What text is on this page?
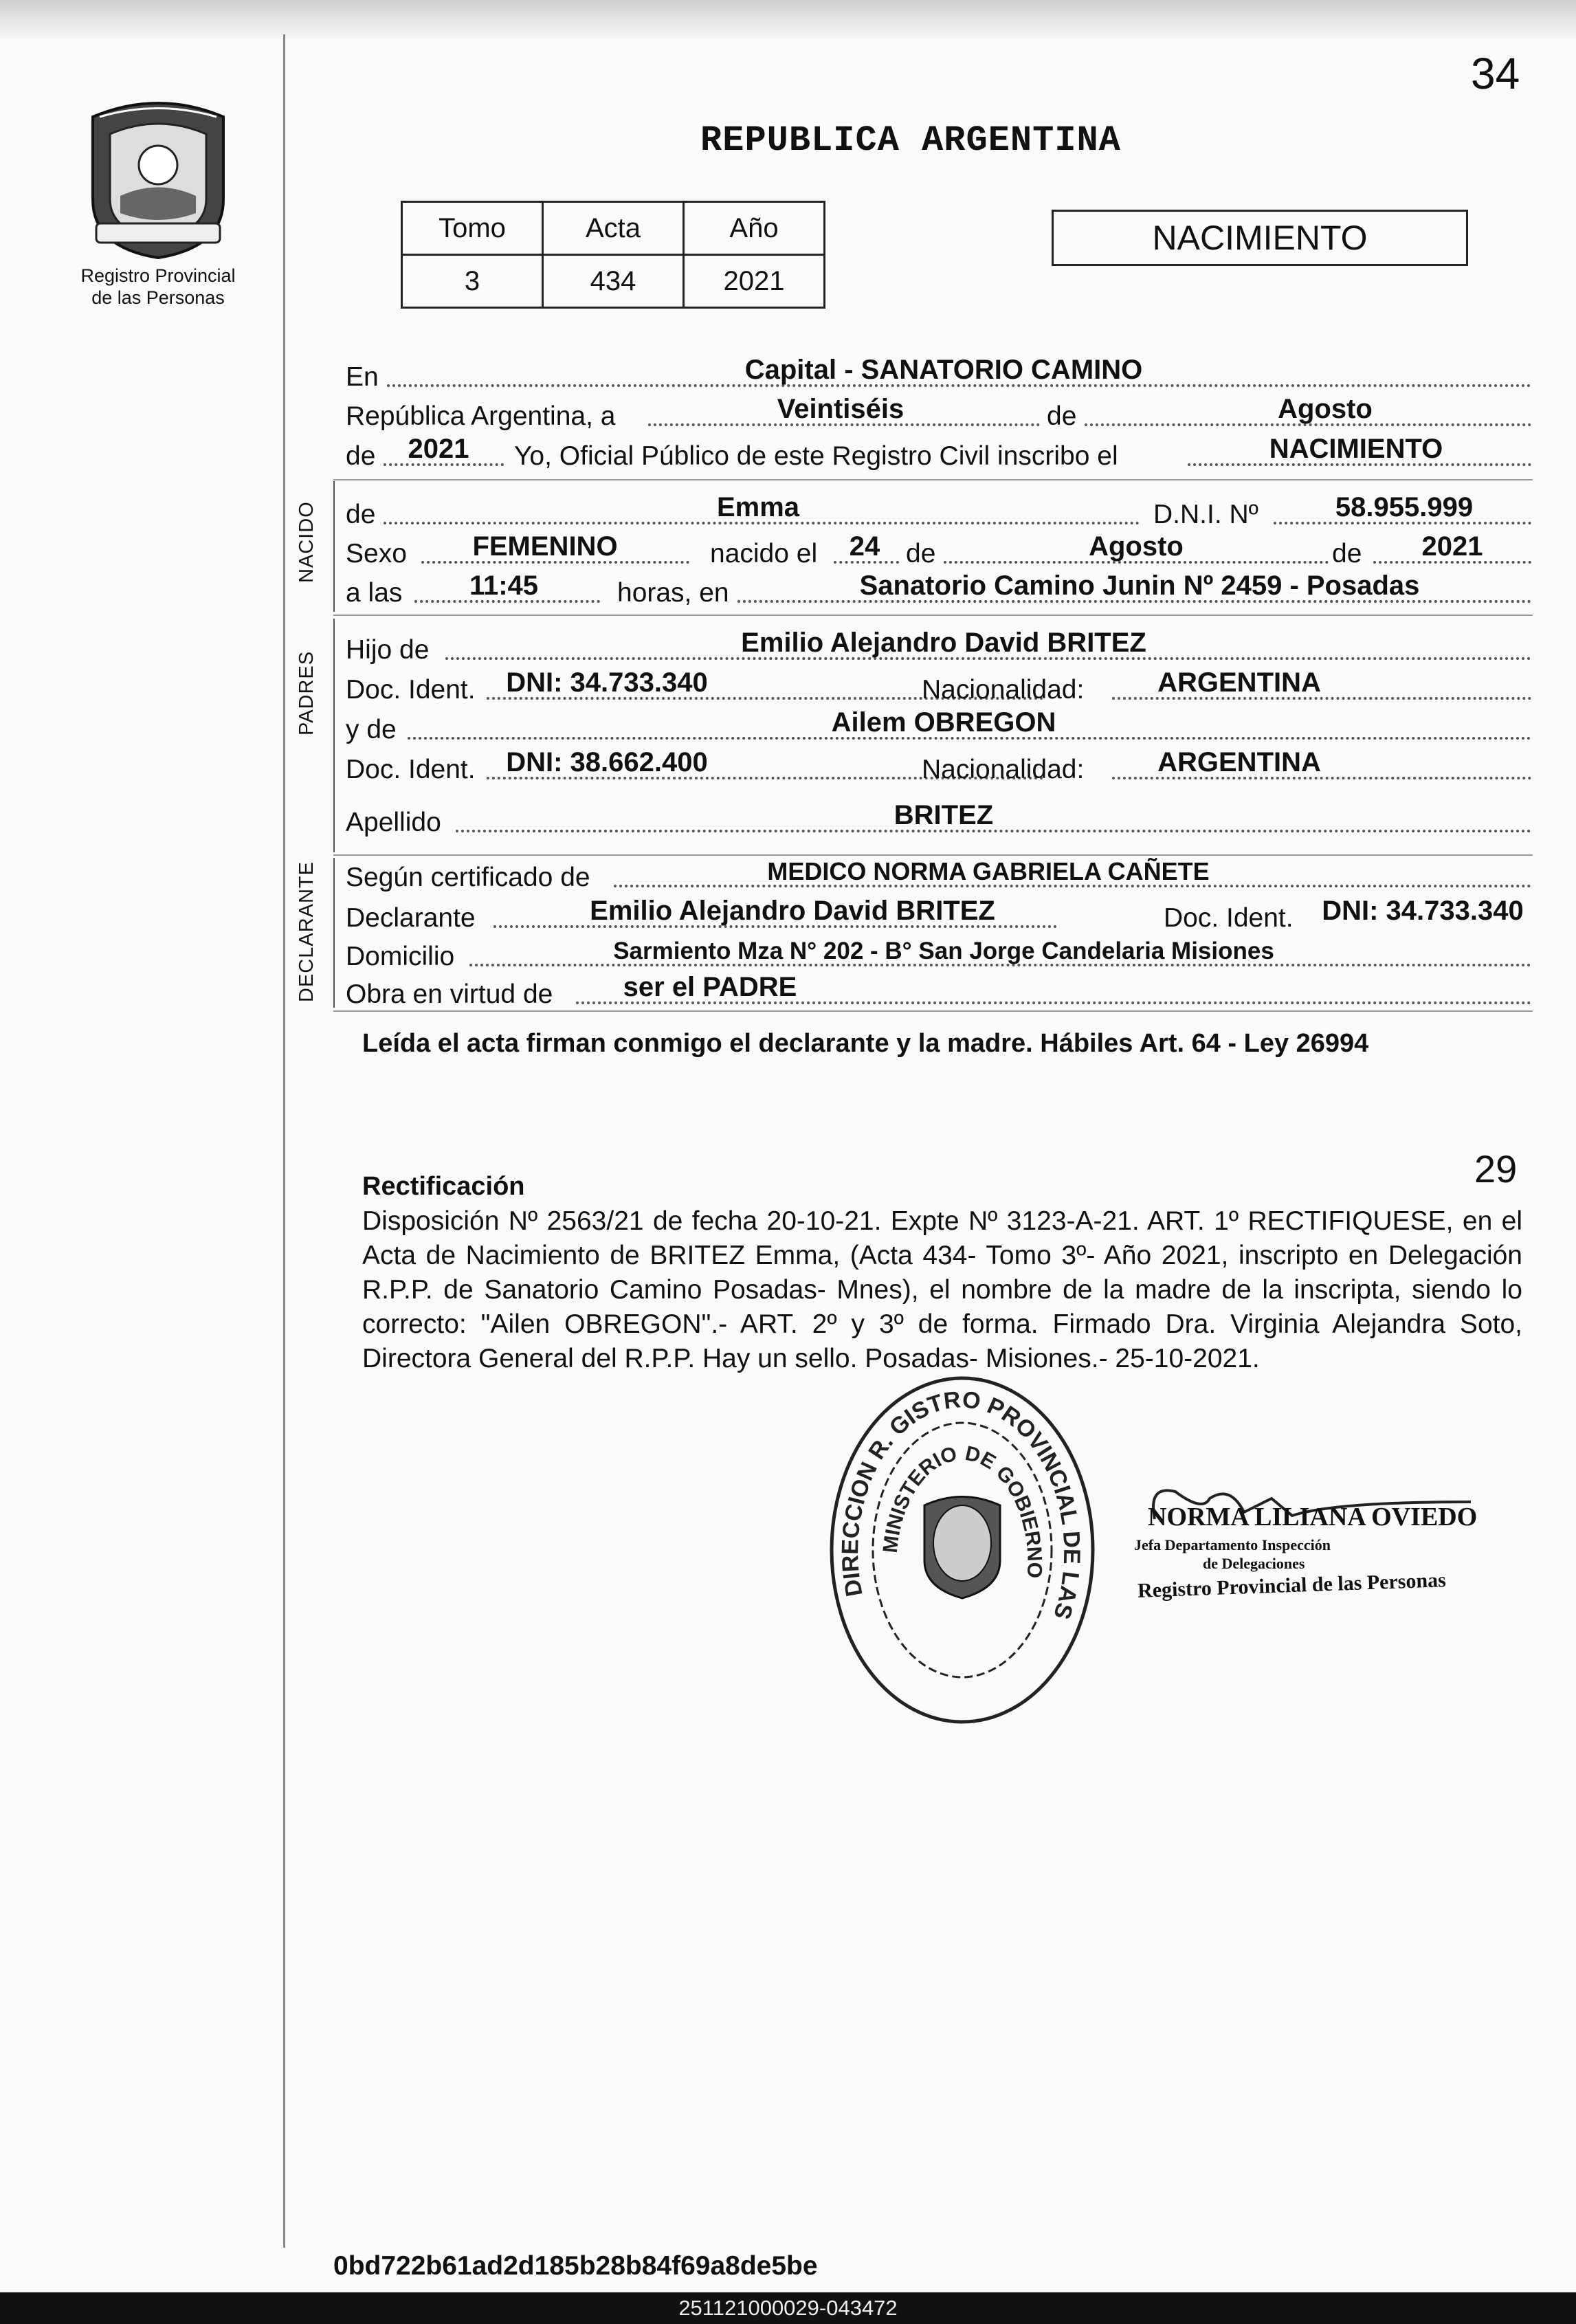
34
Registro Provincial
de las Personas
REPUBLICA ARGENTINA
Tomo	Acta	Año
3	434	2021
NACIMIENTO
NACIDO
PADRES
DECLARANTE
En	Capital - SANATORIO CAMINO
República Argentina, a	Veintiséis	de	Agosto
de	2021	Yo, Oficial Público de este Registro Civil inscribo el	NACIMIENTO
de	Emma	D.N.I. Nº	58.955.999
Sexo	FEMENINO	nacido el	24 de	Agosto	de	2021
a las	11:45	horas, en	Sanatorio Camino Junin Nº 2459 - Posadas
Hijo de	Emilio Alejandro David BRITEZ
Doc. Ident.	DNI: 34.733.340	Nacionalidad:	ARGENTINA
y de	Ailem OBREGON
Doc. Ident.	DNI: 38.662.400	Nacionalidad:	ARGENTINA
Apellido	BRITEZ
Según certificado de	MEDICO NORMA GABRIELA CAÑETE
Declarante	Emilio Alejandro David BRITEZ	Doc. Ident.	DNI: 34.733.340
Domicilio	Sarmiento Mza N° 202 - B° San Jorge Candelaria Misiones
Obra en virtud de	ser el PADRE
Leída el acta firman conmigo el declarante y la madre. Hábiles Art. 64 - Ley 26994
29
Rectificación
Disposición Nº 2563/21 de fecha 20-10-21. Expte Nº 3123-A-21. ART. 1º RECTIFIQUESE, en el Acta de Nacimiento de BRITEZ Emma, (Acta 434- Tomo 3º- Año 2021, inscripto en Delegación R.P.P. de Sanatorio Camino Posadas- Mnes), el nombre de la madre de la inscripta, siendo lo correcto: "Ailen OBREGON".- ART. 2º y 3º de forma. Firmado Dra. Virginia Alejandra Soto, Directora General del R.P.P. Hay un sello. Posadas- Misiones.- 25-10-2021.
DIRECCION R. GISTRO PROVINCIAL DE LAS
MINISTERIO DE GOBIERNO
NORMA LILIANA OVIEDO
Jefa Departamento Inspección
de Delegaciones
Registro Provincial de las Personas
0bd722b61ad2d185b28b84f69a8de5be
251121000029-043472
